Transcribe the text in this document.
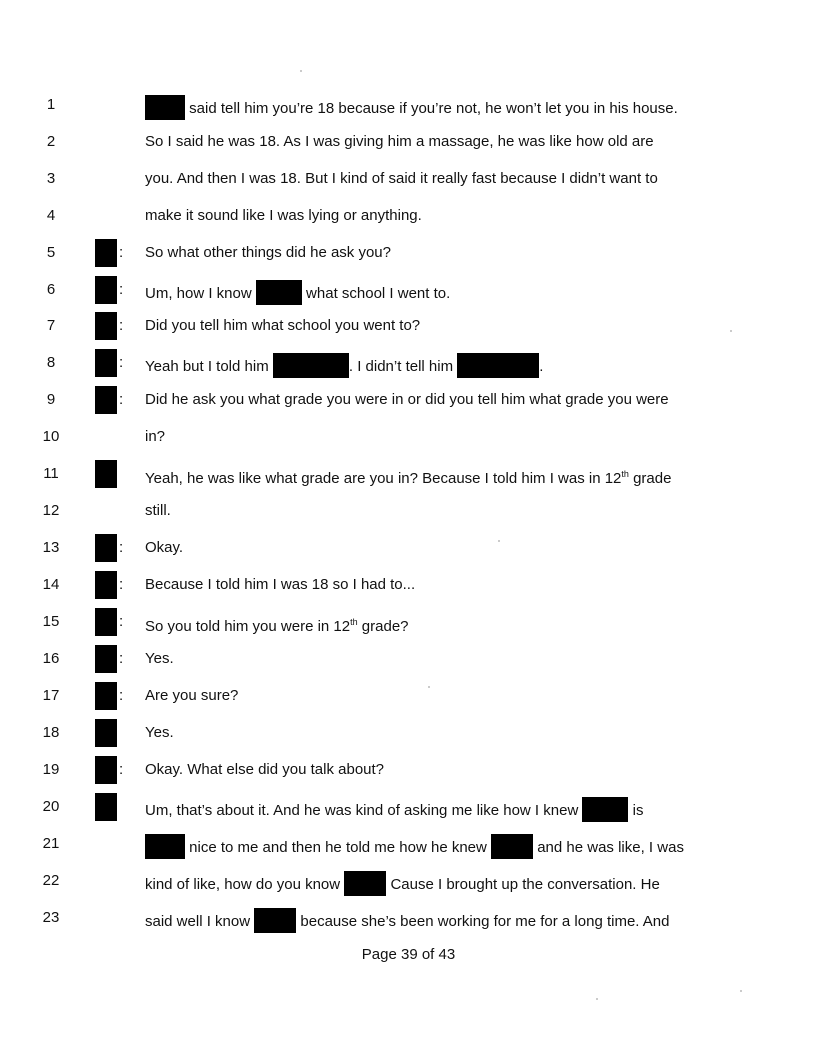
1	said tell him you’re 18 because if you’re not, he won’t let you in his house.
2	So I said he was 18. As I was giving him a massage, he was like how old are
3	you. And then I was 18. But I kind of said it really fast because I didn’t want to
4	make it sound like I was lying or anything.
5	: So what other things did he ask you?
6	: Um, how I know	what school I went to.
7	: Did you tell him what school you went to?
8	: Yeah but I told him	. I didn’t tell him	.
9	: Did he ask you what grade you were in or did you tell him what grade you were
10	in?
11	Yeah, he was like what grade are you in? Because I told him I was in 12th grade
12	still.
13	: Okay.
14	: Because I told him I was 18 so I had to...
15	: So you told him you were in 12th grade?
16	: Yes.
17	: Are you sure?
18	Yes.
19	: Okay. What else did you talk about?
20	Um, that’s about it. And he was kind of asking me like how I knew	is
21	nice to me and then he told me how he knew	and he was like, I was
22	kind of like, how do you know	Cause I brought up the conversation. He
23	said well I know	because she’s been working for me for a long time. And
Page 39 of 43
